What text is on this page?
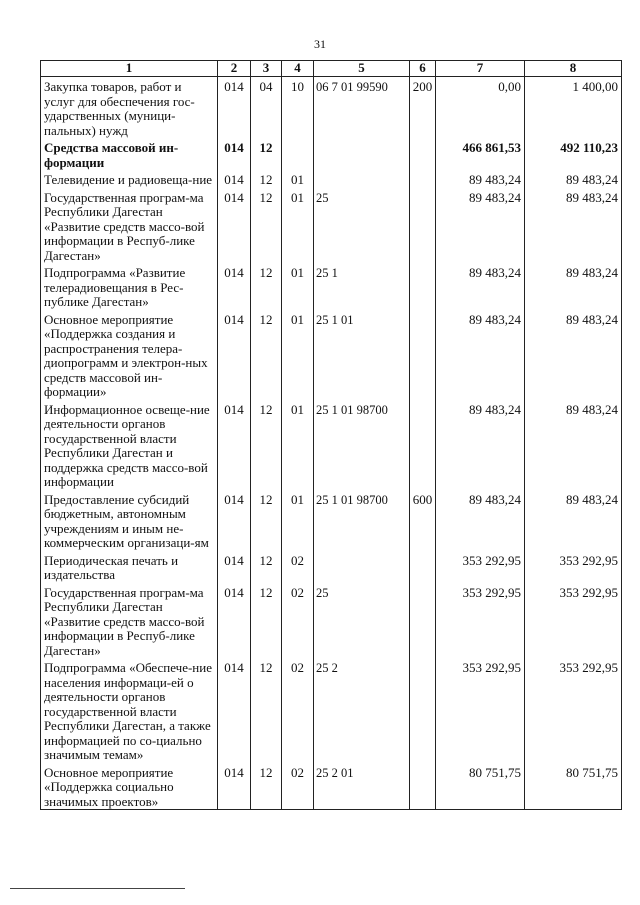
31
1	2	3	4	5	6	7	8
Закупка товаров, работ и услуг для обеспечения гос-ударственных (муници-пальных) нужд	014	04	10	06 7 01 99590	200	0,00	1 400,00
Средства массовой ин-формации	014	12				466 861,53	492 110,23
Телевидение и радиовеща-ние	014	12	01			89 483,24	89 483,24
Государственная програм-ма Республики Дагестан «Развитие средств массо-вой информации в Респуб-лике Дагестан»	014	12	01	25		89 483,24	89 483,24
Подпрограмма «Развитие телерадиовещания в Рес-публике Дагестан»	014	12	01	25 1		89 483,24	89 483,24
Основное мероприятие «Поддержка создания и распространения телера-диопрограмм и электрон-ных средств массовой ин-формации»	014	12	01	25 1 01		89 483,24	89 483,24
Информационное освеще-ние деятельности органов государственной власти Республики Дагестан и поддержка средств массо-вой информации	014	12	01	25 1 01 98700		89 483,24	89 483,24
Предоставление субсидий бюджетным, автономным учреждениям и иным не-коммерческим организаци-ям	014	12	01	25 1 01 98700	600	89 483,24	89 483,24
Периодическая печать и издательства	014	12	02			353 292,95	353 292,95
Государственная програм-ма Республики Дагестан «Развитие средств массо-вой информации в Респуб-лике Дагестан»	014	12	02	25		353 292,95	353 292,95
Подпрограмма «Обеспече-ние населения информаци-ей о деятельности органов государственной власти Республики Дагестан, а также информацией по со-циально значимым темам»	014	12	02	25 2		353 292,95	353 292,95
Основное мероприятие «Поддержка социально значимых проектов»	014	12	02	25 2 01		80 751,75	80 751,75
